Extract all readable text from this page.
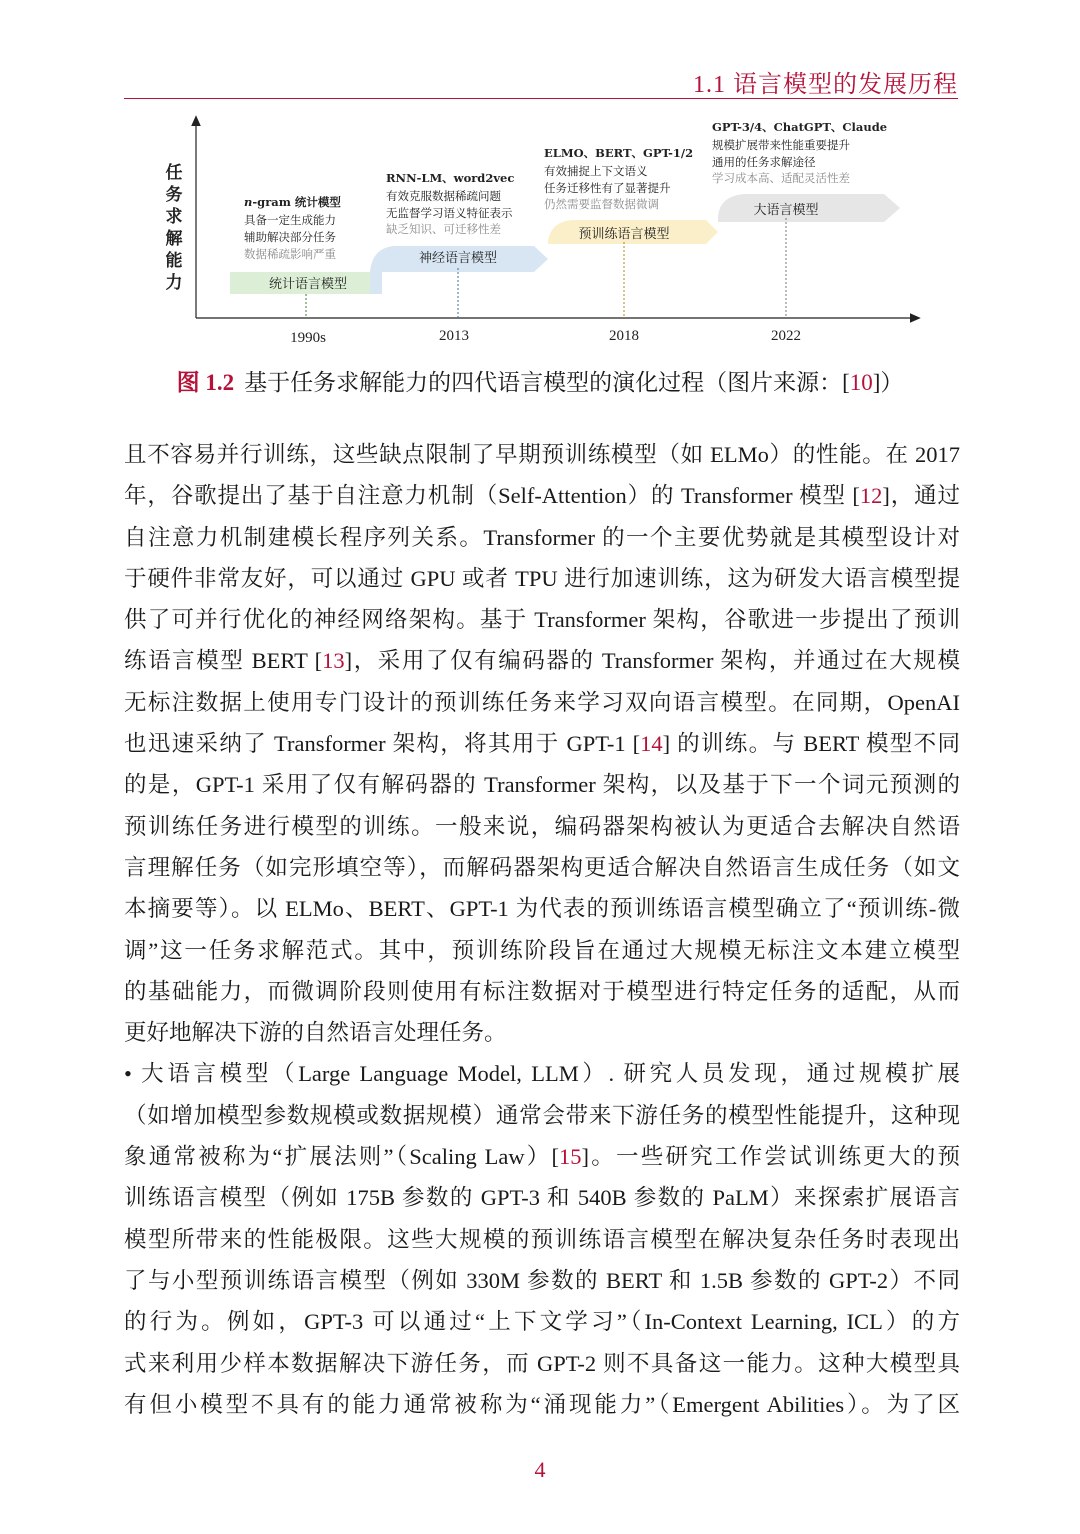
1.1 语言模型的发展历程
任
务
求
解
能
力
1990s	2013	2018	2022
统计语言模型
神经语言模型
预训练语言模型
大语言模型
n-gram 统计模型
具备一定生成能力
辅助解决部分任务
数据稀疏影响严重
RNN-LM、word2vec
有效克服数据稀疏问题
无监督学习语义特征表示
缺乏知识、可迁移性差
ELMO、BERT、GPT-1/2
有效捕捉上下文语义
任务迁移性有了显著提升
仍然需要监督数据微调
GPT-3/4、ChatGPT、Claude
规模扩展带来性能重要提升
通用的任务求解途径
学习成本高、适配灵活性差
图 1.2 基于任务求解能力的四代语言模型的演化过程（图片来源：[10]）
且不容易并行训练，这些缺点限制了早期预训练模型（如 ELMo）的性能。在 2017
年，谷歌提出了基于自注意力机制（Self-Attention）的 Transformer 模型 [12]，通过
自注意力机制建模长程序列关系。Transformer 的一个主要优势就是其模型设计对
于硬件非常友好，可以通过 GPU 或者 TPU 进行加速训练，这为研发大语言模型提
供了可并行优化的神经网络架构。基于 Transformer 架构，谷歌进一步提出了预训
练语言模型 BERT [13]，采用了仅有编码器的 Transformer 架构，并通过在大规模
无标注数据上使用专门设计的预训练任务来学习双向语言模型。在同期，OpenAI
也迅速采纳了 Transformer 架构，将其用于 GPT-1 [14] 的训练。与 BERT 模型不同
的是，GPT-1 采用了仅有解码器的 Transformer 架构，以及基于下一个词元预测的
预训练任务进行模型的训练。一般来说，编码器架构被认为更适合去解决自然语
言理解任务（如完形填空等），而解码器架构更适合解决自然语言生成任务（如文
本摘要等）。以 ELMo、BERT、GPT-1 为代表的预训练语言模型确立了“预训练-微
调”这一任务求解范式。其中，预训练阶段旨在通过大规模无标注文本建立模型
的基础能力，而微调阶段则使用有标注数据对于模型进行特定任务的适配，从而
更好地解决下游的自然语言处理任务。
• 大语言模型（Large Language Model, LLM）. 研究人员发现，通过规模扩展
（如增加模型参数规模或数据规模）通常会带来下游任务的模型性能提升，这种现
象通常被称为“扩展法则”（Scaling Law）[15]。一些研究工作尝试训练更大的预
训练语言模型（例如 175B 参数的 GPT-3 和 540B 参数的 PaLM）来探索扩展语言
模型所带来的性能极限。这些大规模的预训练语言模型在解决复杂任务时表现出
了与小型预训练语言模型（例如 330M 参数的 BERT 和 1.5B 参数的 GPT-2）不同
的行为。例如，GPT-3 可以通过“上下文学习”（In-Context Learning, ICL）的方
式来利用少样本数据解决下游任务，而 GPT-2 则不具备这一能力。这种大模型具
有但小模型不具有的能力通常被称为“涌现能力”（Emergent Abilities）。为了区
4
